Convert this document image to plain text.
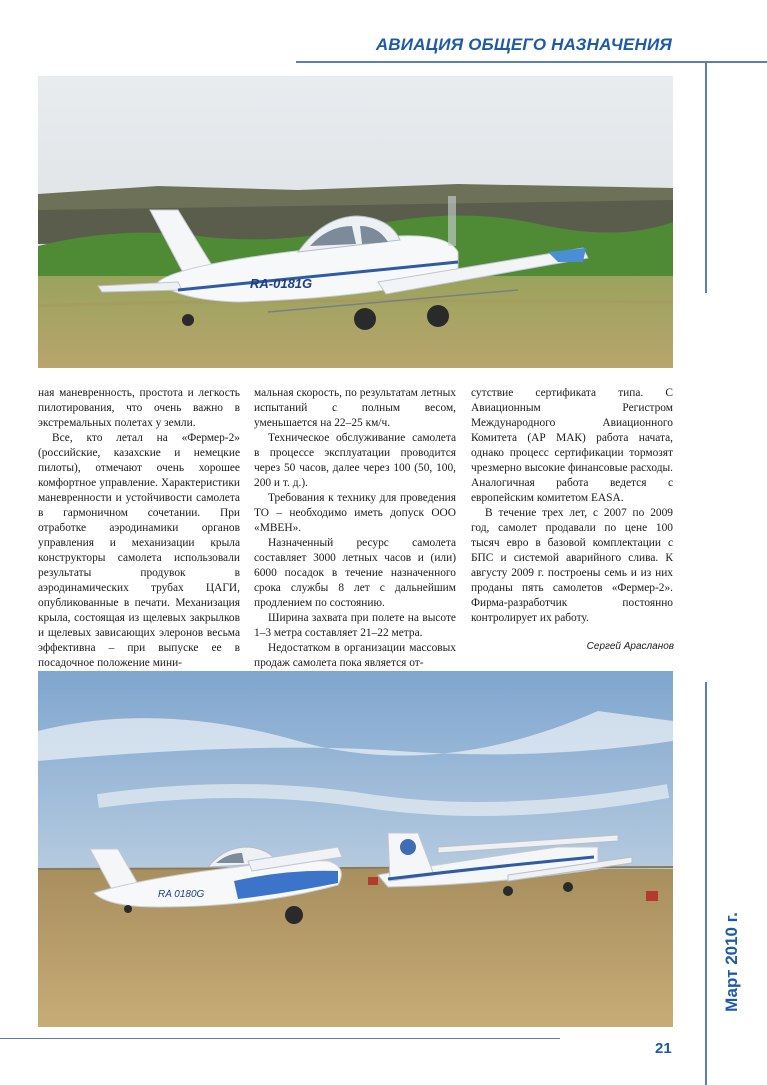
АВИАЦИЯ ОБЩЕГО НАЗНАЧЕНИЯ
RA-0181G

ная маневренность, простота и легкость пилотирования, что очень важно в экстремальных полетах у земли.

Все, кто летал на «Фермер-2» (российские, казахские и немецкие пилоты), отмечают очень хорошее комфортное управление. Характеристики маневренности и устойчивости самолета в гармоничном сочетании. При отработке аэродинамики органов управления и механизации крыла конструкторы самолета использовали результаты продувок в аэродинамических трубах ЦАГИ, опубликованные в печати. Механизация крыла, состоящая из щелевых закрылков и щелевых зависающих элеронов весьма эффективна – при выпуске ее в посадочное положение мини-

мальная скорость, по результатам летных испытаний с полным весом, уменьшается на 22–25 км/ч.

Техническое обслуживание самолета в процессе эксплуатации проводится через 50 часов, далее через 100 (50, 100, 200 и т. д.).

Требования к технику для проведения ТО – необходимо иметь допуск ООО «МВЕН».

Назначенный ресурс самолета составляет 3000 летных часов и (или) 6000 посадок в течение назначенного срока службы 8 лет с дальнейшим продлением по состоянию.

Ширина захвата при полете на высоте 1–3 метра составляет 21–22 метра.

Недостатком в организации массовых продаж самолета пока является от-

сутствие сертификата типа. С Авиационным Регистром Международного Авиационного Комитета (АР МАК) работа начата, однако процесс сертификации тормозят чрезмерно высокие финансовые расходы. Аналогичная работа ведется с европейским комитетом EASA.

В течение трех лет, с 2007 по 2009 год, самолет продавали по цене 100 тысяч евро в базовой комплектации с БПС и системой аварийного слива. К августу 2009 г. построены семь и из них проданы пять самолетов «Фермер-2». Фирма-разработчик постоянно контролирует их работу.

Сергей Арасланов
RA 0180G
Март 2010 г.
21
